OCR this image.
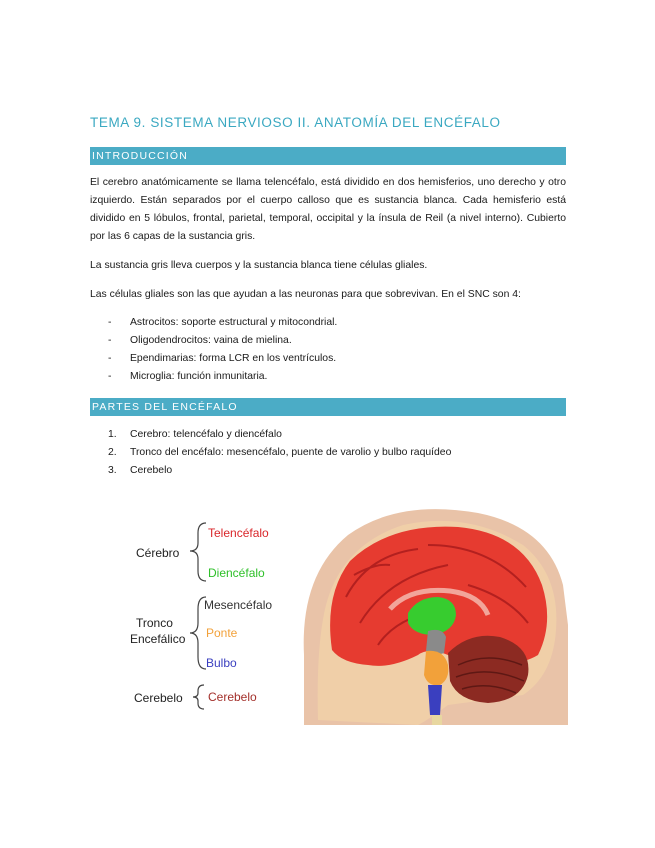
TEMA 9. SISTEMA NERVIOSO II. ANATOMÍA DEL ENCÉFALO
INTRODUCCIÓN
El cerebro anatómicamente se llama telencéfalo, está dividido en dos hemisferios, uno derecho y otro izquierdo. Están separados por el cuerpo calloso que es sustancia blanca. Cada hemisferio está dividido en 5 lóbulos, frontal, parietal, temporal, occipital y la ínsula de Reil (a nivel interno). Cubierto por las 6 capas de la sustancia gris.
La sustancia gris lleva cuerpos y la sustancia blanca tiene células gliales.
Las células gliales son las que ayudan a las neuronas para que sobrevivan. En el SNC son 4:
- Astrocitos: soporte estructural y mitocondrial.
- Oligodendrocitos: vaina de mielina.
- Ependimarias: forma LCR en los ventrículos.
- Microglia: función inmunitaria.
PARTES DEL ENCÉFALO
1. Cerebro: telencéfalo y diencéfalo
2. Tronco del encéfalo: mesencéfalo, puente de varolio y bulbo raquídeo
3. Cerebelo
Cérebro
Tronco
Encefálico
Cerebelo
Telencéfalo
Diencéfalo
Mesencéfalo
Ponte
Bulbo
Cerebelo
